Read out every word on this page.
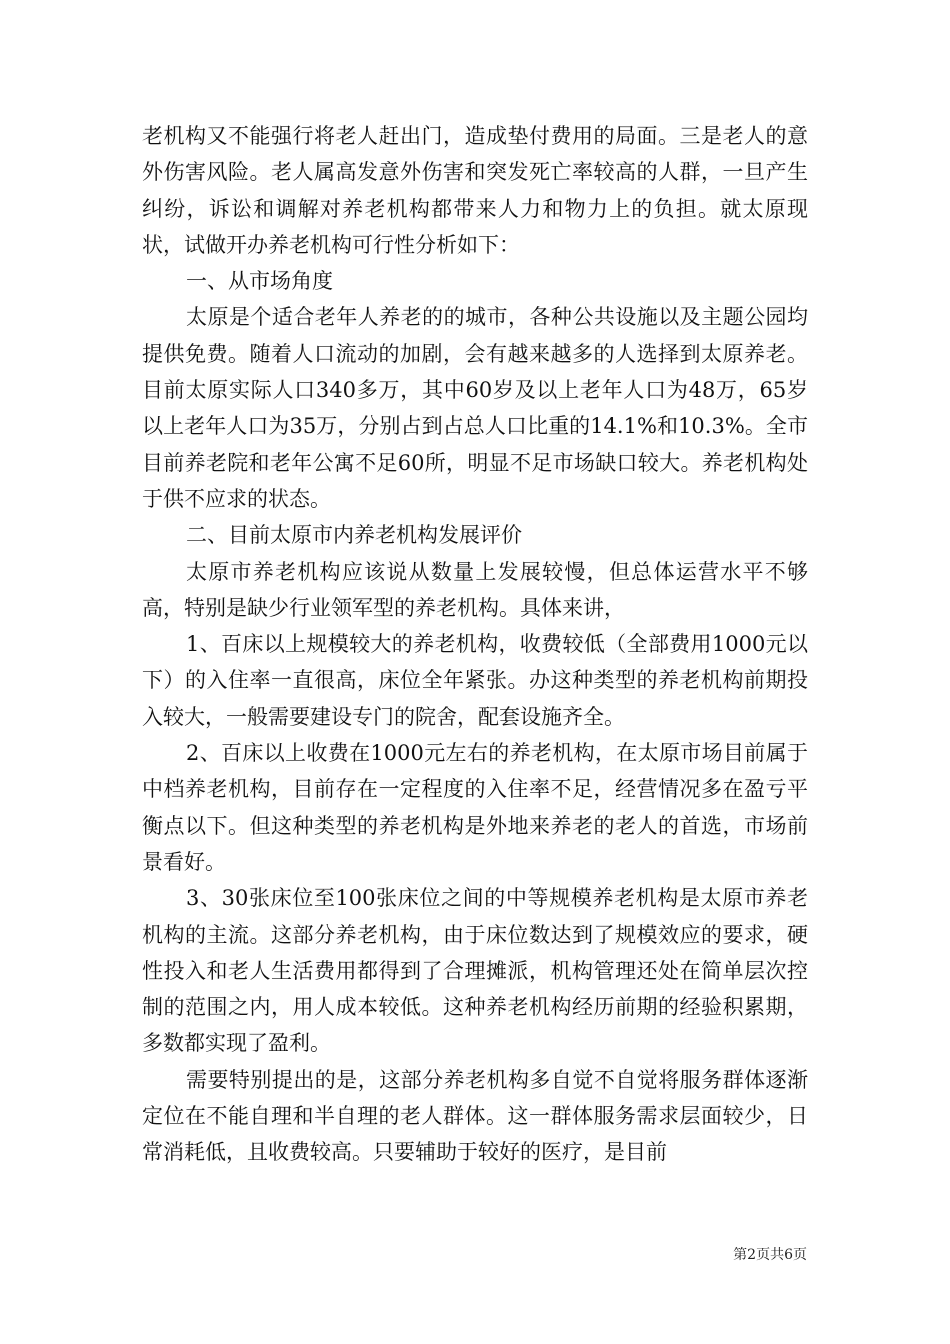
老机构又不能强行将老人赶出门，造成垫付费用的局面。三是老人的意外伤害风险。老人属高发意外伤害和突发死亡率较高的人群，一旦产生纠纷，诉讼和调解对养老机构都带来人力和物力上的负担。就太原现状，试做开办养老机构可行性分析如下：

一、从市场角度

太原是个适合老年人养老的的城市，各种公共设施以及主题公园均提供免费。随着人口流动的加剧，会有越来越多的人选择到太原养老。目前太原实际人口340多万，其中60岁及以上老年人口为48万，65岁以上老年人口为35万，分别占到占总人口比重的14.1%和10.3%。全市目前养老院和老年公寓不足60所，明显不足市场缺口较大。养老机构处于供不应求的状态。

二、目前太原市内养老机构发展评价

太原市养老机构应该说从数量上发展较慢，但总体运营水平不够高，特别是缺少行业领军型的养老机构。具体来讲，

1、百床以上规模较大的养老机构，收费较低（全部费用1000元以下）的入住率一直很高，床位全年紧张。办这种类型的养老机构前期投入较大，一般需要建设专门的院舍，配套设施齐全。

2、百床以上收费在1000元左右的养老机构，在太原市场目前属于中档养老机构，目前存在一定程度的入住率不足，经营情况多在盈亏平衡点以下。但这种类型的养老机构是外地来养老的老人的首选，市场前景看好。

3、30张床位至100张床位之间的中等规模养老机构是太原市养老机构的主流。这部分养老机构，由于床位数达到了规模效应的要求，硬性投入和老人生活费用都得到了合理摊派，机构管理还处在简单层次控制的范围之内，用人成本较低。这种养老机构经历前期的经验积累期，多数都实现了盈利。

需要特别提出的是，这部分养老机构多自觉不自觉将服务群体逐渐定位在不能自理和半自理的老人群体。这一群体服务需求层面较少，日常消耗低，且收费较高。只要辅助于较好的医疗，是目前

第2页共6页
